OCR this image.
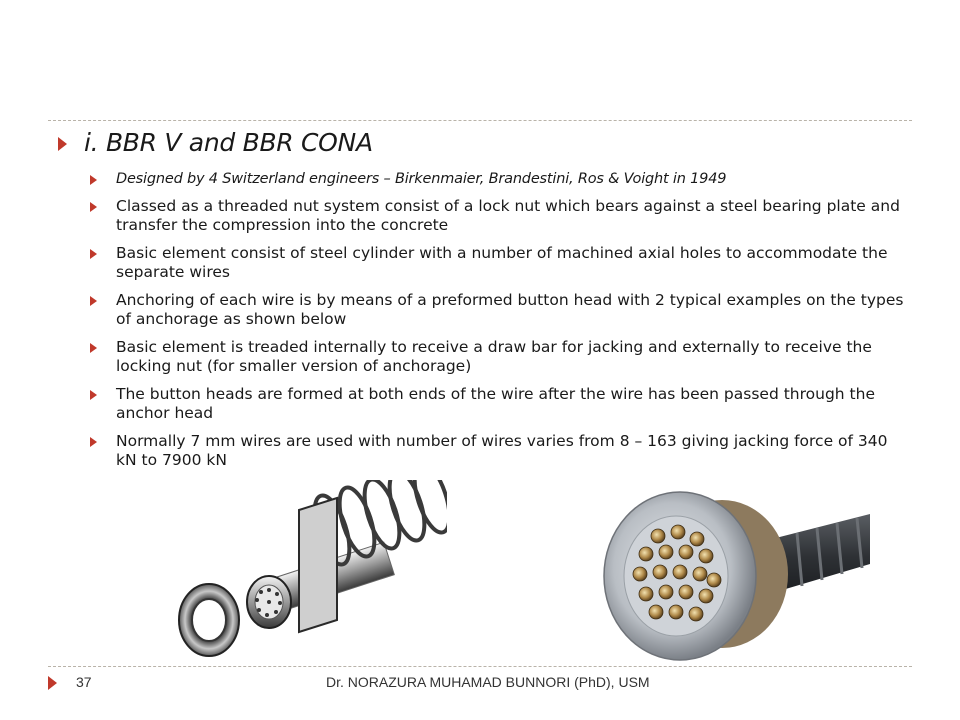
i. BBR V and BBR CONA
Designed by 4 Switzerland engineers – Birkenmaier, Brandestini, Ros & Voight in 1949
Classed as a threaded nut system consist of a lock nut which bears against a steel bearing plate and transfer the compression into the concrete
Basic element consist of steel cylinder with a number of machined axial holes to accommodate the separate wires
Anchoring of each wire is by means of a preformed button head with 2 typical examples on the types of anchorage as shown below
Basic element is treaded internally to receive a draw bar for jacking and externally to receive the locking nut (for smaller version of anchorage)
The button heads are formed at both ends of the wire after the wire has been passed through the anchor head
Normally 7 mm wires are used with number of wires varies from 8 – 163 giving jacking force of 340 kN to 7900 kN
37	Dr. NORAZURA MUHAMAD BUNNORI (PhD), USM
